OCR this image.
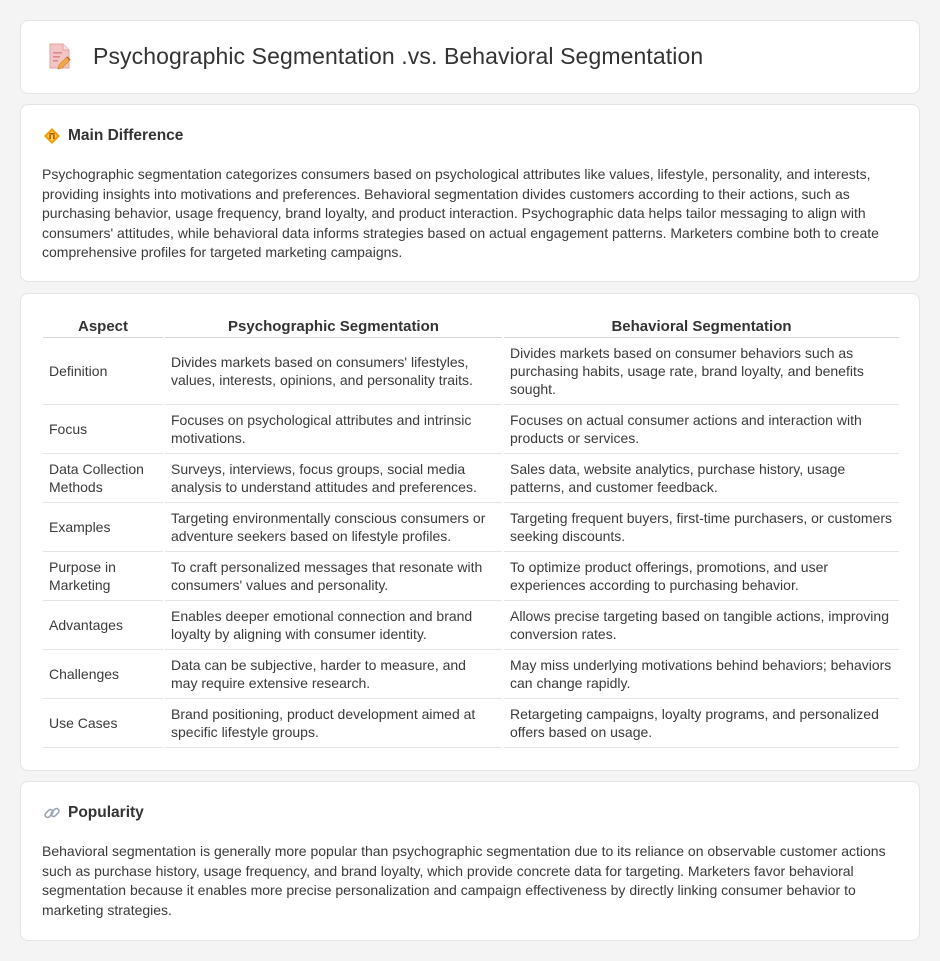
Psychographic Segmentation .vs. Behavioral Segmentation
Main Difference

Psychographic segmentation categorizes consumers based on psychological attributes like values, lifestyle, personality, and interests, providing insights into motivations and preferences. Behavioral segmentation divides customers according to their actions, such as purchasing behavior, usage frequency, brand loyalty, and product interaction. Psychographic data helps tailor messaging to align with consumers' attitudes, while behavioral data informs strategies based on actual engagement patterns. Marketers combine both to create comprehensive profiles for targeted marketing campaigns.

Aspect	Psychographic Segmentation	Behavioral Segmentation
Definition	Divides markets based on consumers' lifestyles, values, interests, opinions, and personality traits.	Divides markets based on consumer behaviors such as purchasing habits, usage rate, brand loyalty, and benefits sought.
Focus	Focuses on psychological attributes and intrinsic motivations.	Focuses on actual consumer actions and interaction with products or services.
Data Collection Methods	Surveys, interviews, focus groups, social media analysis to understand attitudes and preferences.	Sales data, website analytics, purchase history, usage patterns, and customer feedback.
Examples	Targeting environmentally conscious consumers or adventure seekers based on lifestyle profiles.	Targeting frequent buyers, first-time purchasers, or customers seeking discounts.
Purpose in Marketing	To craft personalized messages that resonate with consumers' values and personality.	To optimize product offerings, promotions, and user experiences according to purchasing behavior.
Advantages	Enables deeper emotional connection and brand loyalty by aligning with consumer identity.	Allows precise targeting based on tangible actions, improving conversion rates.
Challenges	Data can be subjective, harder to measure, and may require extensive research.	May miss underlying motivations behind behaviors; behaviors can change rapidly.
Use Cases	Brand positioning, product development aimed at specific lifestyle groups.	Retargeting campaigns, loyalty programs, and personalized offers based on usage.
Popularity

Behavioral segmentation is generally more popular than psychographic segmentation due to its reliance on observable customer actions such as purchase history, usage frequency, and brand loyalty, which provide concrete data for targeting. Marketers favor behavioral segmentation because it enables more precise personalization and campaign effectiveness by directly linking consumer behavior to marketing strategies.
